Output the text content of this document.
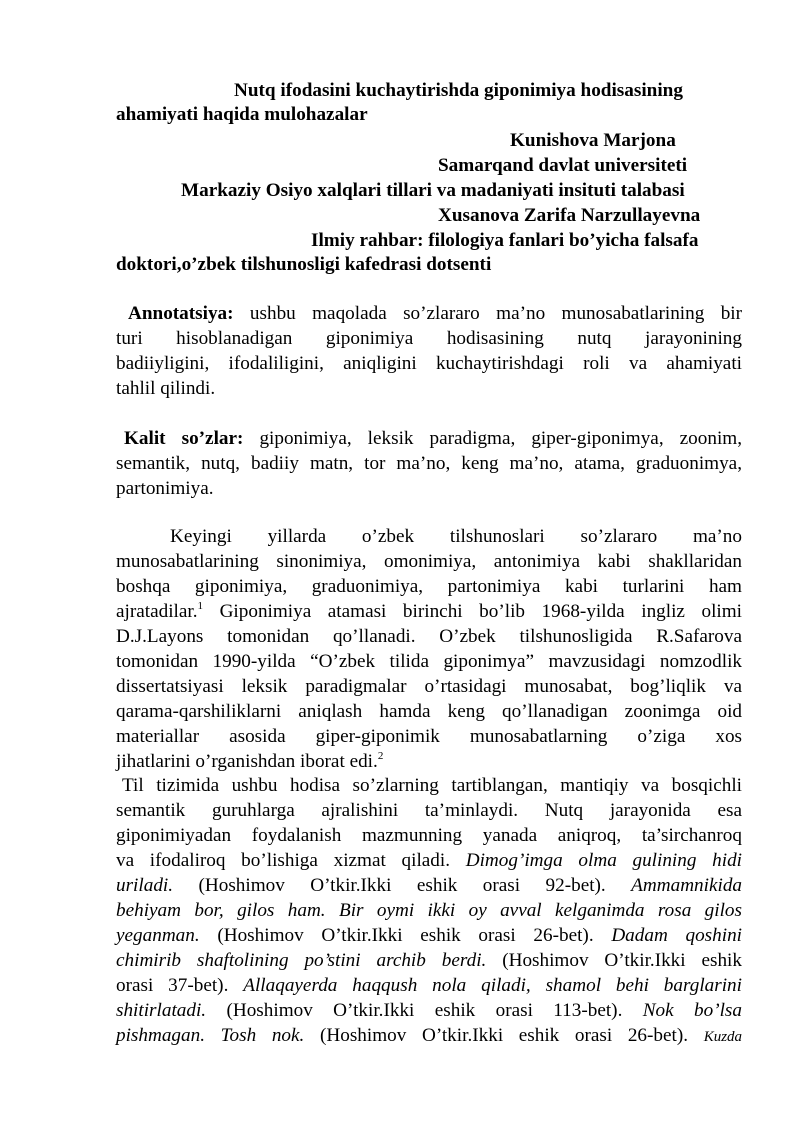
Nutq ifodasini kuchaytirishda giponimiya hodisasining
ahamiyati haqida mulohazalar
Kunishova Marjona
Samarqand davlat universiteti
Markaziy Osiyo xalqlari tillari va madaniyati insituti talabasi
Xusanova Zarifa Narzullayevna
Ilmiy rahbar: filologiya fanlari bo’yicha falsafa
doktori,o’zbek tilshunosligi kafedrasi dotsenti
Annotatsiya: ushbu maqolada so’zlararo ma’no munosabatlarining bir
turi hisoblanadigan giponimiya hodisasining nutq jarayonining
badiiyligini, ifodaliligini, aniqligini kuchaytirishdagi roli va ahamiyati
tahlil qilindi.
Kalit so’zlar: giponimiya, leksik paradigma, giper-giponimya, zoonim,
semantik, nutq, badiiy matn, tor ma’no, keng ma’no, atama, graduonimya,
partonimiya.
Keyingi yillarda o’zbek tilshunoslari so’zlararo ma’no
munosabatlarining sinonimiya, omonimiya, antonimiya kabi shakllaridan
boshqa giponimiya, graduonimiya, partonimiya kabi turlarini ham
ajratadilar.$^1$ Giponimiya atamasi birinchi bo’lib 1968-yilda ingliz olimi
D.J.Layons tomonidan qo’llanadi. O’zbek tilshunosligida R.Safarova
tomonidan 1990-yilda “O’zbek tilida giponimya” mavzusidagi nomzodlik
dissertatsiyasi leksik paradigmalar o’rtasidagi munosabat, bog’liqlik va
qarama-qarshiliklarni aniqlash hamda keng qo’llanadigan zoonimga oid
materiallar asosida giper-giponimik munosabatlarning o’ziga xos
jihatlarini o’rganishdan iborat edi.$^2$
Til tizimida ushbu hodisa so’zlarning tartiblangan, mantiqiy va bosqichli
semantik guruhlarga ajralishini ta’minlaydi. Nutq jarayonida esa
giponimiyadan foydalanish mazmunning yanada aniqroq, ta’sirchanroq
va ifodaliroq bo’lishiga xizmat qiladi. Dimog’imga olma gulining hidi
uriladi. (Hoshimov O’tkir.Ikki eshik orasi 92-bet). Ammamnikida
behiyam bor, gilos ham. Bir oymi ikki oy avval kelganimda rosa gilos
yeganman. (Hoshimov O’tkir.Ikki eshik orasi 26-bet). Dadam qoshini
chimirib shaftolining po’stini archib berdi. (Hoshimov O’tkir.Ikki eshik
orasi 37-bet). Allaqayerda haqqush nola qiladi, shamol behi barglarini
shitirlatadi. (Hoshimov O’tkir.Ikki eshik orasi 113-bet). Nok bo’lsa
pishmagan. Tosh nok. (Hoshimov O’tkir.Ikki eshik orasi 26-bet). Kuzda
